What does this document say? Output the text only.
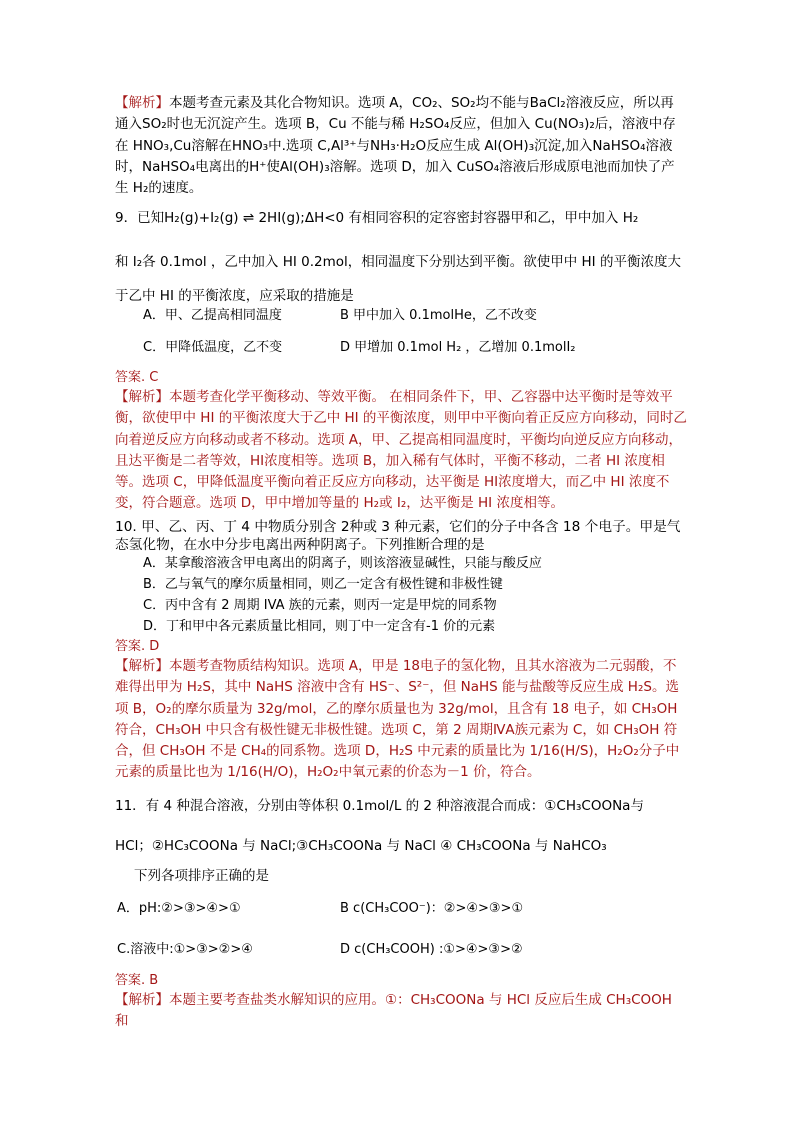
【解析】本题考查元素及其化合物知识。选项 A，CO₂、SO₂均不能与BaCl₂溶液反应，所以再通入SO₂时也无沉淀产生。选项 B，Cu 不能与稀 H₂SO₄反应，但加入 Cu(NO₃)₂后，溶液中存在 HNO₃,Cu溶解在HNO₃中.选项 C,Al³⁺与NH₃·H₂O反应生成 Al(OH)₃沉淀,加入NaHSO₄溶液时，NaHSO₄电离出的H⁺使Al(OH)₃溶解。选项 D，加入 CuSO₄溶液后形成原电池而加快了产生 H₂的速度。

9．已知H₂(g)+I₂(g) ⇌ 2HI(g);ΔH<0 有相同容积的定容密封容器甲和乙，甲中加入 H₂
和 I₂各 0.1mol ，乙中加入 HI 0.2mol，相同温度下分别达到平衡。欲使甲中 HI 的平衡浓度大
于乙中 HI 的平衡浓度，应采取的措施是
A．甲、乙提高相同温度	B 甲中加入 0.1molHe，乙不改变
C．甲降低温度，乙不变	D 甲增加 0.1mol H₂ ，乙增加 0.1molI₂
答案. C

【解析】本题考查化学平衡移动、等效平衡。 在相同条件下，甲、乙容器中达平衡时是等效平衡，欲使甲中 HI 的平衡浓度大于乙中 HI 的平衡浓度，则甲中平衡向着正反应方向移动，同时乙向着逆反应方向移动或者不移动。选项 A，甲、乙提高相同温度时，平衡均向逆反应方向移动，且达平衡是二者等效，HI浓度相等。选项 B，加入稀有气体时，平衡不移动，二者 HI 浓度相等。选项 C，甲降低温度平衡向着正反应方向移动，达平衡是 HI浓度增大，而乙中 HI 浓度不变，符合题意。选项 D，甲中增加等量的 H₂或 I₂，达平衡是 HI 浓度相等。

10. 甲、乙、丙、丁 4 中物质分别含 2种或 3 种元素，它们的分子中各含 18 个电子。甲是气
态氢化物，在水中分步电离出两种阴离子。下列推断合理的是
A．某拿酸溶液含甲电离出的阴离子，则该溶液显碱性，只能与酸反应
B．乙与氧气的摩尔质量相同，则乙一定含有极性键和非极性键
C．丙中含有 2 周期 IVA 族的元素，则丙一定是甲烷的同系物
D．丁和甲中各元素质量比相同，则丁中一定含有-1 价的元素
答案. D

【解析】本题考查物质结构知识。选项 A，甲是 18电子的氢化物，且其水溶液为二元弱酸，不难得出甲为 H₂S，其中 NaHS 溶液中含有 HS⁻、S²⁻，但 NaHS 能与盐酸等反应生成 H₂S。选项 B，O₂的摩尔质量为 32g/mol，乙的摩尔质量也为 32g/mol，且含有 18 电子，如 CH₃OH 符合，CH₃OH 中只含有极性键无非极性键。选项 C，第 2 周期ⅣA族元素为 C，如 CH₃OH 符合，但 CH₃OH 不是 CH₄的同系物。选项 D，H₂S 中元素的质量比为 1/16(H/S)，H₂O₂分子中元素的质量比也为 1/16(H/O)，H₂O₂中氧元素的价态为－1 价，符合。

11．有 4 种混合溶液，分别由等体积 0.1mol/L 的 2 种溶液混合而成：①CH₃COONa与
HCl；②HC₃COONa 与 NaCl;③CH₃COONa 与 NaCl ④ CH₃COONa 与 NaHCO₃
下列各项排序正确的是
A．pH:②>③>④>①	B c(CH₃COO⁻)：②>④>③>①
C.溶液中:①>③>②>④	D c(CH₃COOH) :①>④>③>②
答案. B

【解析】本题主要考查盐类水解知识的应用。①：CH₃COONa 与 HCl 反应后生成 CH₃COOH 和
